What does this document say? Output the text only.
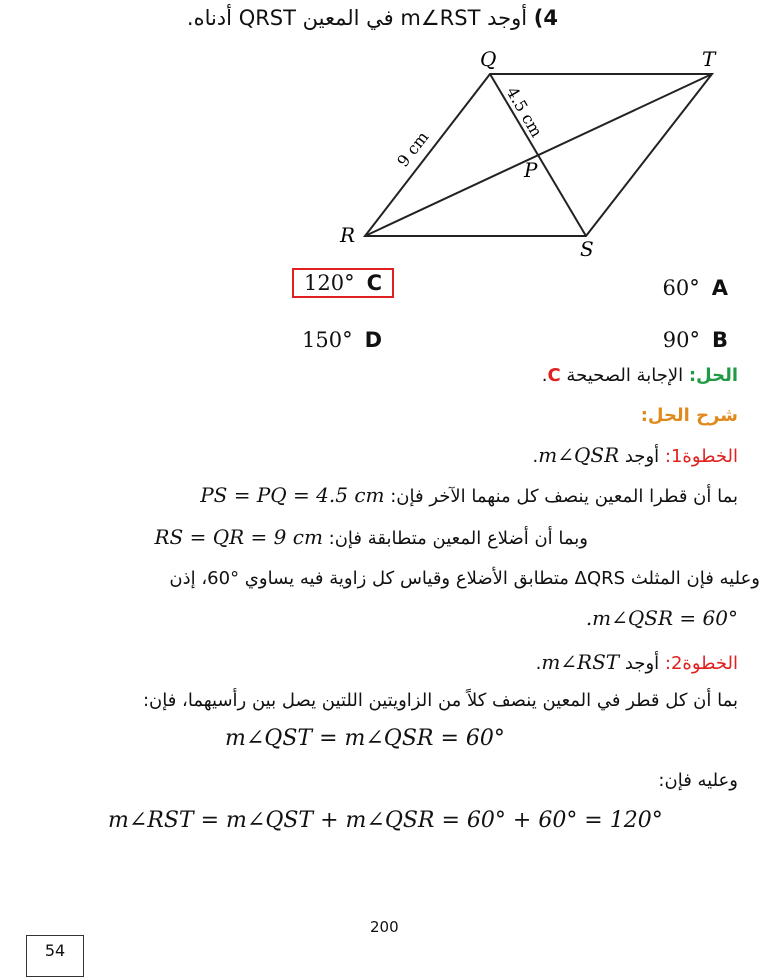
4) أوجد m∠RST في المعين QRST أدناه.
Q	T
R
S
P
9 cm
4.5 cm
60° A
90° B
120° C
150° D
الحل: الإجابة الصحيحة C.
شرح الحل:
الخطوة1: أوجد m∠QSR.
بما أن قطرا المعين ينصف كل منهما الآخر فإن: PS = PQ = 4.5 cm
وبما أن أضلاع المعين متطابقة فإن: RS = QR = 9 cm
وعليه فإن المثلث ΔQRS متطابق الأضلاع وقياس كل زاوية فيه يساوي °60، إذن
.m∠QSR = 60°
الخطوة2: أوجد m∠RST.
بما أن كل قطر في المعين ينصف كلاً من الزاويتين اللتين يصل بين رأسيهما، فإن:
m∠QST = m∠QSR = 60°
وعليه فإن:
m∠RST = m∠QST + m∠QSR = 60° + 60° = 120°
200
54
